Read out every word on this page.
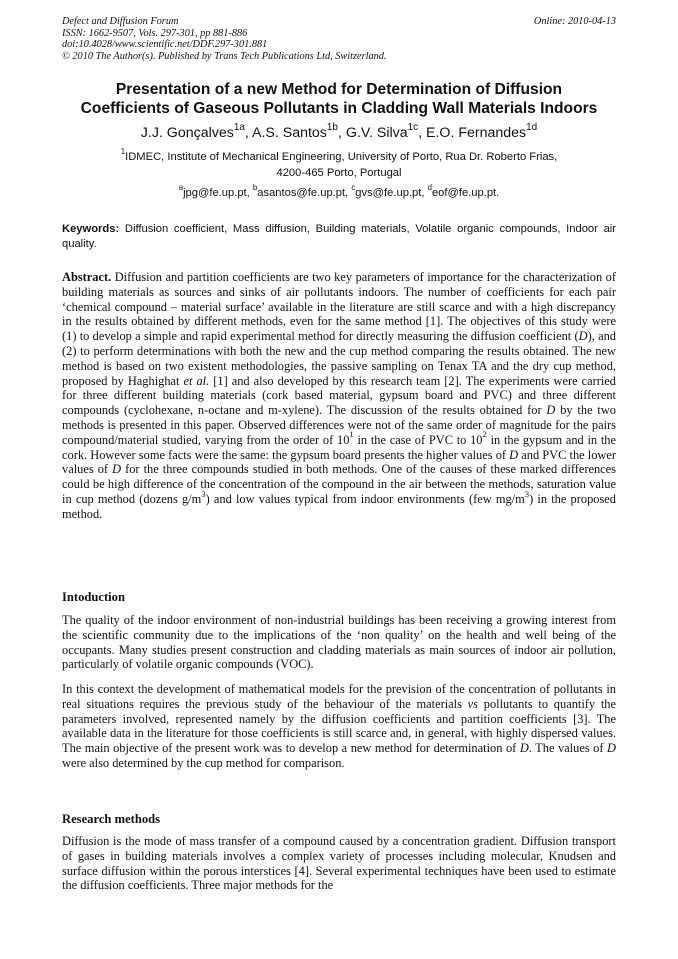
Defect and Diffusion Forum
ISSN: 1662-9507, Vols. 297-301, pp 881-886
doi:10.4028/www.scientific.net/DDF.297-301.881
© 2010 The Author(s). Published by Trans Tech Publications Ltd, Switzerland.
Online: 2010-04-13
Presentation of a new Method for Determination of Diffusion
Coefficients of Gaseous Pollutants in Cladding Wall Materials Indoors
J.J. Gonçalves$^{1a}$, A.S. Santos$^{1b}$, G.V. Silva$^{1c}$, E.O. Fernandes$^{1d}$
$^1$IDMEC, Institute of Mechanical Engineering, University of Porto, Rua Dr. Roberto Frias,
4200-465 Porto, Portugal
$^a$jpg@fe.up.pt, $^b$asantos@fe.up.pt, $^c$gvs@fe.up.pt, $^d$eof@fe.up.pt.
Keywords: Diffusion coefficient, Mass diffusion, Building materials, Volatile organic compounds, Indoor air quality.
Abstract. Diffusion and partition coefficients are two key parameters of importance for the characterization of building materials as sources and sinks of air pollutants indoors. The number of coefficients for each pair ‘chemical compound – material surface’ available in the literature are still scarce and with a high discrepancy in the results obtained by different methods, even for the same method [1]. The objectives of this study were (1) to develop a simple and rapid experimental method for directly measuring the diffusion coefficient (D), and (2) to perform determinations with both the new and the cup method comparing the results obtained. The new method is based on two existent methodologies, the passive sampling on Tenax TA and the dry cup method, proposed by Haghighat et al. [1] and also developed by this research team [2]. The experiments were carried for three different building materials (cork based material, gypsum board and PVC) and three different compounds (cyclohexane, n-octane and m-xylene). The discussion of the results obtained for D by the two methods is presented in this paper. Observed differences were not of the same order of magnitude for the pairs compound/material studied, varying from the order of $10^1$ in the case of PVC to $10^2$ in the gypsum and in the cork. However some facts were the same: the gypsum board presents the higher values of D and PVC the lower values of D for the three compounds studied in both methods. One of the causes of these marked differences could be high difference of the concentration of the compound in the air between the methods, saturation value in cup method (dozens $g/m^3$) and low values typical from indoor environments (few $mg/m^3$) in the proposed method.
Intoduction
The quality of the indoor environment of non-industrial buildings has been receiving a growing interest from the scientific community due to the implications of the ‘non quality’ on the health and well being of the occupants. Many studies present construction and cladding materials as main sources of indoor air pollution, particularly of volatile organic compounds (VOC).
In this context the development of mathematical models for the prevision of the concentration of pollutants in real situations requires the previous study of the behaviour of the materials vs pollutants to quantify the parameters involved, represented namely by the diffusion coefficients and partition coefficients [3]. The available data in the literature for those coefficients is still scarce and, in general, with highly dispersed values. The main objective of the present work was to develop a new method for determination of D. The values of D were also determined by the cup method for comparison.
Research methods
Diffusion is the mode of mass transfer of a compound caused by a concentration gradient. Diffusion transport of gases in building materials involves a complex variety of processes including molecular, Knudsen and surface diffusion within the porous interstices [4]. Several experimental techniques have been used to estimate the diffusion coefficients. Three major methods for the
